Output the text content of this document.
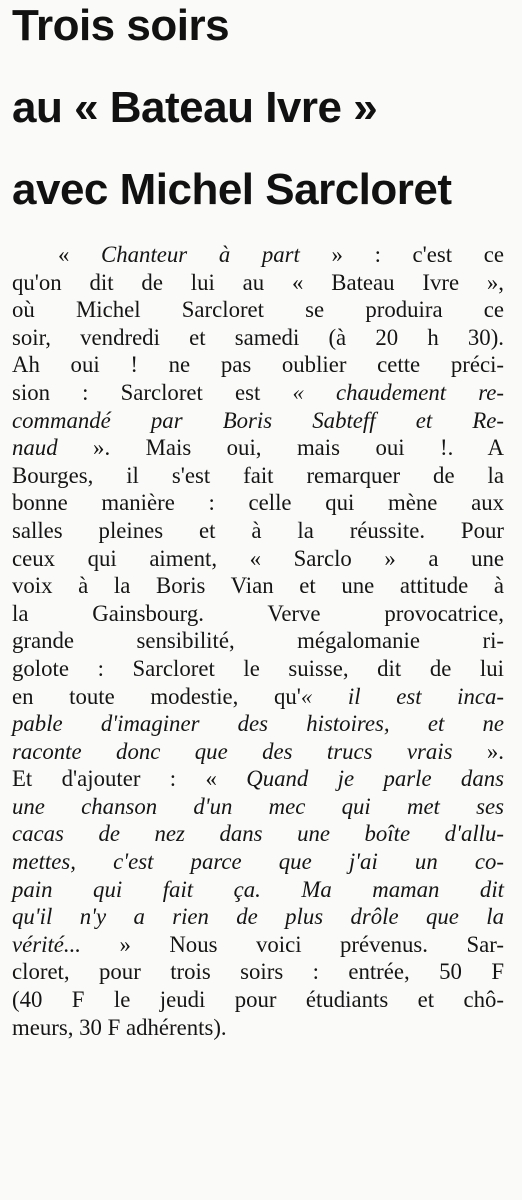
Trois soirs
au « Bateau Ivre »
avec Michel Sarcloret
« Chanteur à part » : c'est ce
qu'on dit de lui au « Bateau Ivre »,
où Michel Sarcloret se produira ce
soir, vendredi et samedi (à 20 h 30).
Ah oui ! ne pas oublier cette préci-
sion : Sarcloret est « chaudement re-
commandé par Boris Sabteff et Re-
naud ». Mais oui, mais oui !. A
Bourges, il s'est fait remarquer de la
bonne manière : celle qui mène aux
salles pleines et à la réussite. Pour
ceux qui aiment, « Sarclo » a une
voix à la Boris Vian et une attitude à
la Gainsbourg. Verve provocatrice,
grande sensibilité, mégalomanie ri-
golote : Sarcloret le suisse, dit de lui
en toute modestie, qu'« il est inca-
pable d'imaginer des histoires, et ne
raconte donc que des trucs vrais ».
Et d'ajouter : « Quand je parle dans
une chanson d'un mec qui met ses
cacas de nez dans une boîte d'allu-
mettes, c'est parce que j'ai un co-
pain qui fait ça. Ma maman dit
qu'il n'y a rien de plus drôle que la
vérité... » Nous voici prévenus. Sar-
cloret, pour trois soirs : entrée, 50 F
(40 F le jeudi pour étudiants et chô-
meurs, 30 F adhérents).
